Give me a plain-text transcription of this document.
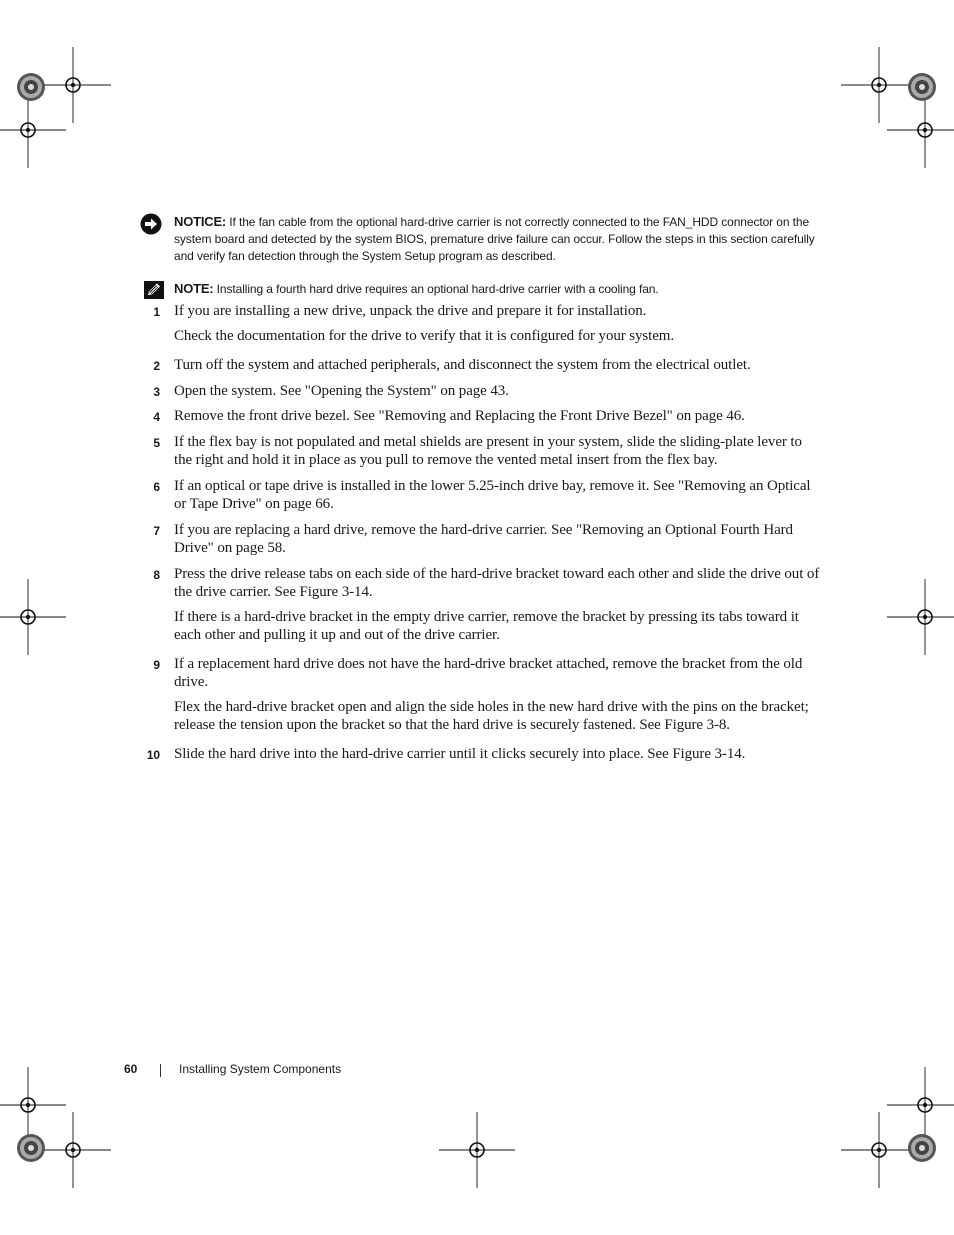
NOTICE: If the fan cable from the optional hard-drive carrier is not correctly connected to the FAN_HDD connector on the system board and detected by the system BIOS, premature drive failure can occur. Follow the steps in this section carefully and verify fan detection through the System Setup program as described.
NOTE: Installing a fourth hard drive requires an optional hard-drive carrier with a cooling fan.
1 If you are installing a new drive, unpack the drive and prepare it for installation.

Check the documentation for the drive to verify that it is configured for your system.

2 Turn off the system and attached peripherals, and disconnect the system from the electrical outlet.

3 Open the system. See "Opening the System" on page 43.

4 Remove the front drive bezel. See "Removing and Replacing the Front Drive Bezel" on page 46.

5 If the flex bay is not populated and metal shields are present in your system, slide the sliding-plate lever to the right and hold it in place as you pull to remove the vented metal insert from the flex bay.

6 If an optical or tape drive is installed in the lower 5.25-inch drive bay, remove it. See "Removing an Optical or Tape Drive" on page 66.

7 If you are replacing a hard drive, remove the hard-drive carrier. See "Removing an Optional Fourth Hard Drive" on page 58.

8 Press the drive release tabs on each side of the hard-drive bracket toward each other and slide the drive out of the drive carrier. See Figure 3-14.

If there is a hard-drive bracket in the empty drive carrier, remove the bracket by pressing its tabs toward it each other and pulling it up and out of the drive carrier.

9 If a replacement hard drive does not have the hard-drive bracket attached, remove the bracket from the old drive.

Flex the hard-drive bracket open and align the side holes in the new hard drive with the pins on the bracket; release the tension upon the bracket so that the hard drive is securely fastened. See Figure 3-8.

10 Slide the hard drive into the hard-drive carrier until it clicks securely into place. See Figure 3-14.

60	Installing System Components
